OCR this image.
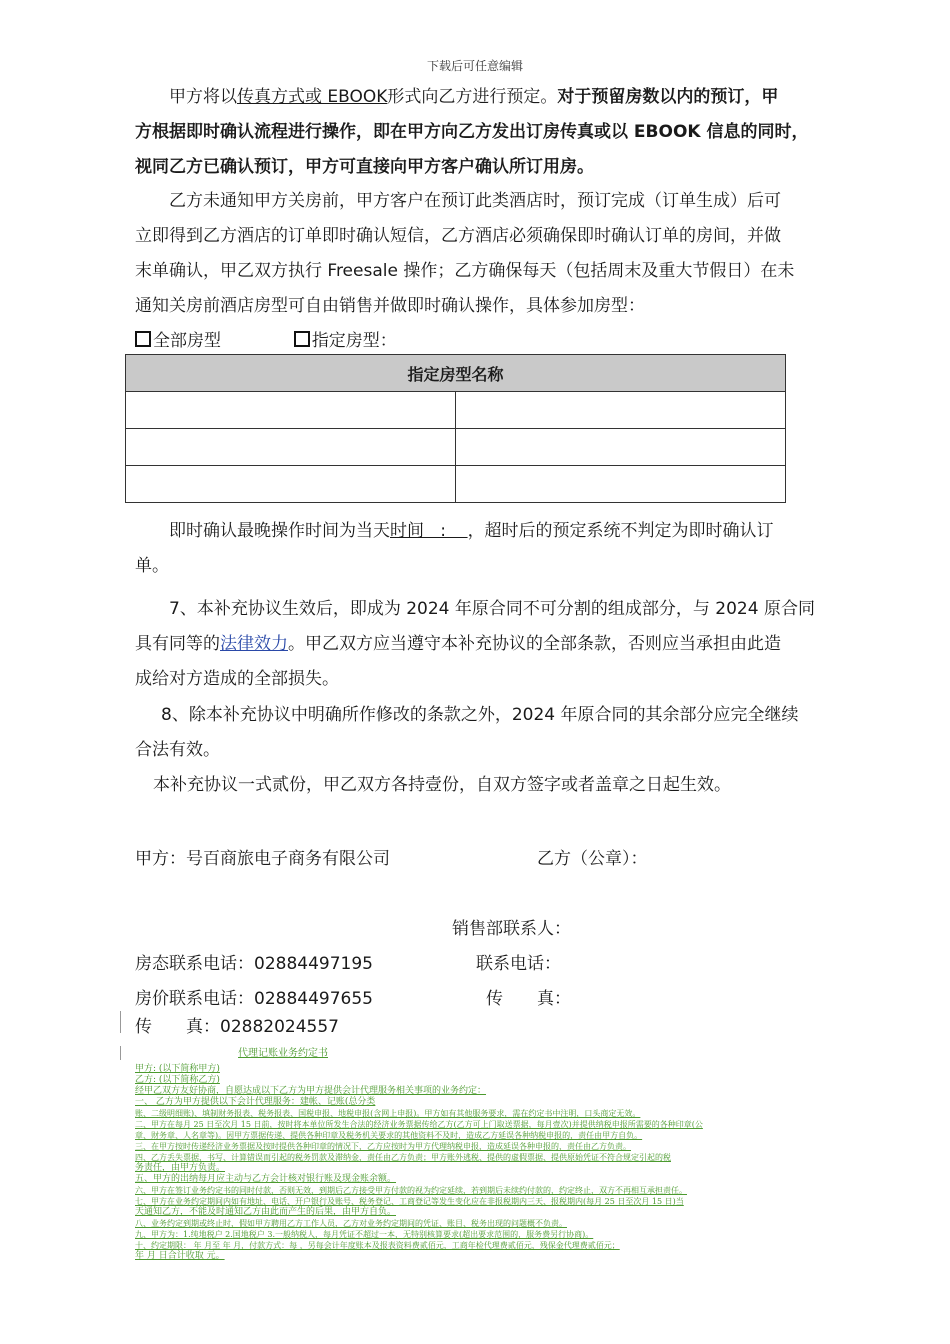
下载后可任意编辑
甲方将以传真方式或 EBOOK形式向乙方进行预定。对于预留房数以内的预订，甲
方根据即时确认流程进行操作，即在甲方向乙方发出订房传真或以 EBOOK 信息的同时，
视同乙方已确认预订，甲方可直接向甲方客户确认所订用房。
乙方未通知甲方关房前，甲方客户在预订此类酒店时，预订完成（订单生成）后可
立即得到乙方酒店的订单即时确认短信，乙方酒店必须确保即时确认订单的房间，并做
末单确认，甲乙双方执行 Freesale 操作；乙方确保每天（包括周末及重大节假日）在未
通知关房前酒店房型可自由销售并做即时确认操作，具体参加房型：
全部房型	指定房型：
指定房型名称	

即时确认最晚操作时间为当天时间   :    ，超时后的预定系统不判定为即时确认订
单。
7、本补充协议生效后，即成为 2024 年原合同不可分割的组成部分，与 2024 原合同
具有同等的法律效力。甲乙双方应当遵守本补充协议的全部条款，否则应当承担由此造
成给对方造成的全部损失。
8、除本补充协议中明确所作修改的条款之外，2024 年原合同的其余部分应完全继续
合法有效。
本补充协议一式贰份，甲乙双方各持壹份，自双方签字或者盖章之日起生效。
甲方：号百商旅电子商务有限公司	乙方（公章）：
销售部联系人：
房态联系电话：02884497195	联系电话：
房价联系电话：02884497655	传　　真：
传　　真：02882024557
代理记账业务约定书
甲方: (以下简称甲方)
乙方: (以下简称乙方)
经甲乙双方友好协商，自愿达成以下乙方为甲方提供会计代理服务相关事项的业务约定：
一、 乙方为甲方提供以下会计代理服务：建帐、记账(总分类
账、二级明细账)、填制财务报表、税务报表、国税申报、地税申报(含网上申报)。甲方如有其他服务要求，需在约定书中注明，口头商定无效。
二、甲方在每月 25 日至次月 15 日前，按时将本单位所发生合法的经济业务票据传给乙方(乙方可上门取送票据，每月壹次)并提供纳税申报所需要的各种印章(公
章、财务章、人名章等)。因甲方票据传递、提供各种印章及税务机关要求的其他资料不及时，造成乙方延误各种纳税申报的，责任由甲方自负。
三、在甲方按时传递经济业务票据及按时提供各种印章的情况下，乙方应按时为甲方代理纳税申报，造成延误各种申报的，责任由乙方负责。
四、乙方丢失票据，书写、计算错误而引起的税务罚款及滞纳金，责任由乙方负责；甲方账外逃税、提供的虚假票据、提供原始凭证不符合规定引起的税
务责任，由甲方负责。
五、甲方的出纳每月应主动与乙方会计核对银行账及现金账余额。
六、甲方在签订业务约定书的同时付款，否则无效，到期后乙方接受甲方付款的视为约定延续，若到期后未续约付款的，约定终止，双方不再相互承担责任。
七、甲方在业务约定期间内如有地址、电话、开户银行及账号、税务登记、工商登记等发生变化应在非报税期内三天、报税期内(每月 25 日至次月 15 日)当
天通知乙方，不能及时通知乙方由此而产生的后果，由甲方自负。
八、业务约定到期或终止时，假如甲方聘用乙方工作人员，乙方对业务约定期间的凭证、账目、税务出现的问题概不负责。
九、甲方为：1.纯地税户 2.国地税户 3.一般纳税人，每月凭证不超过一本，无特别核算要求(超出要求范围的，服务费另行协商)。
十、约定期限： 年 月至 年 月，付款方式：每 ，另每会计年度账本及报表资料费贰佰元，工商年检代理费贰佰元，残保金代理费贰佰元；
年 月 日合计收取 元。
